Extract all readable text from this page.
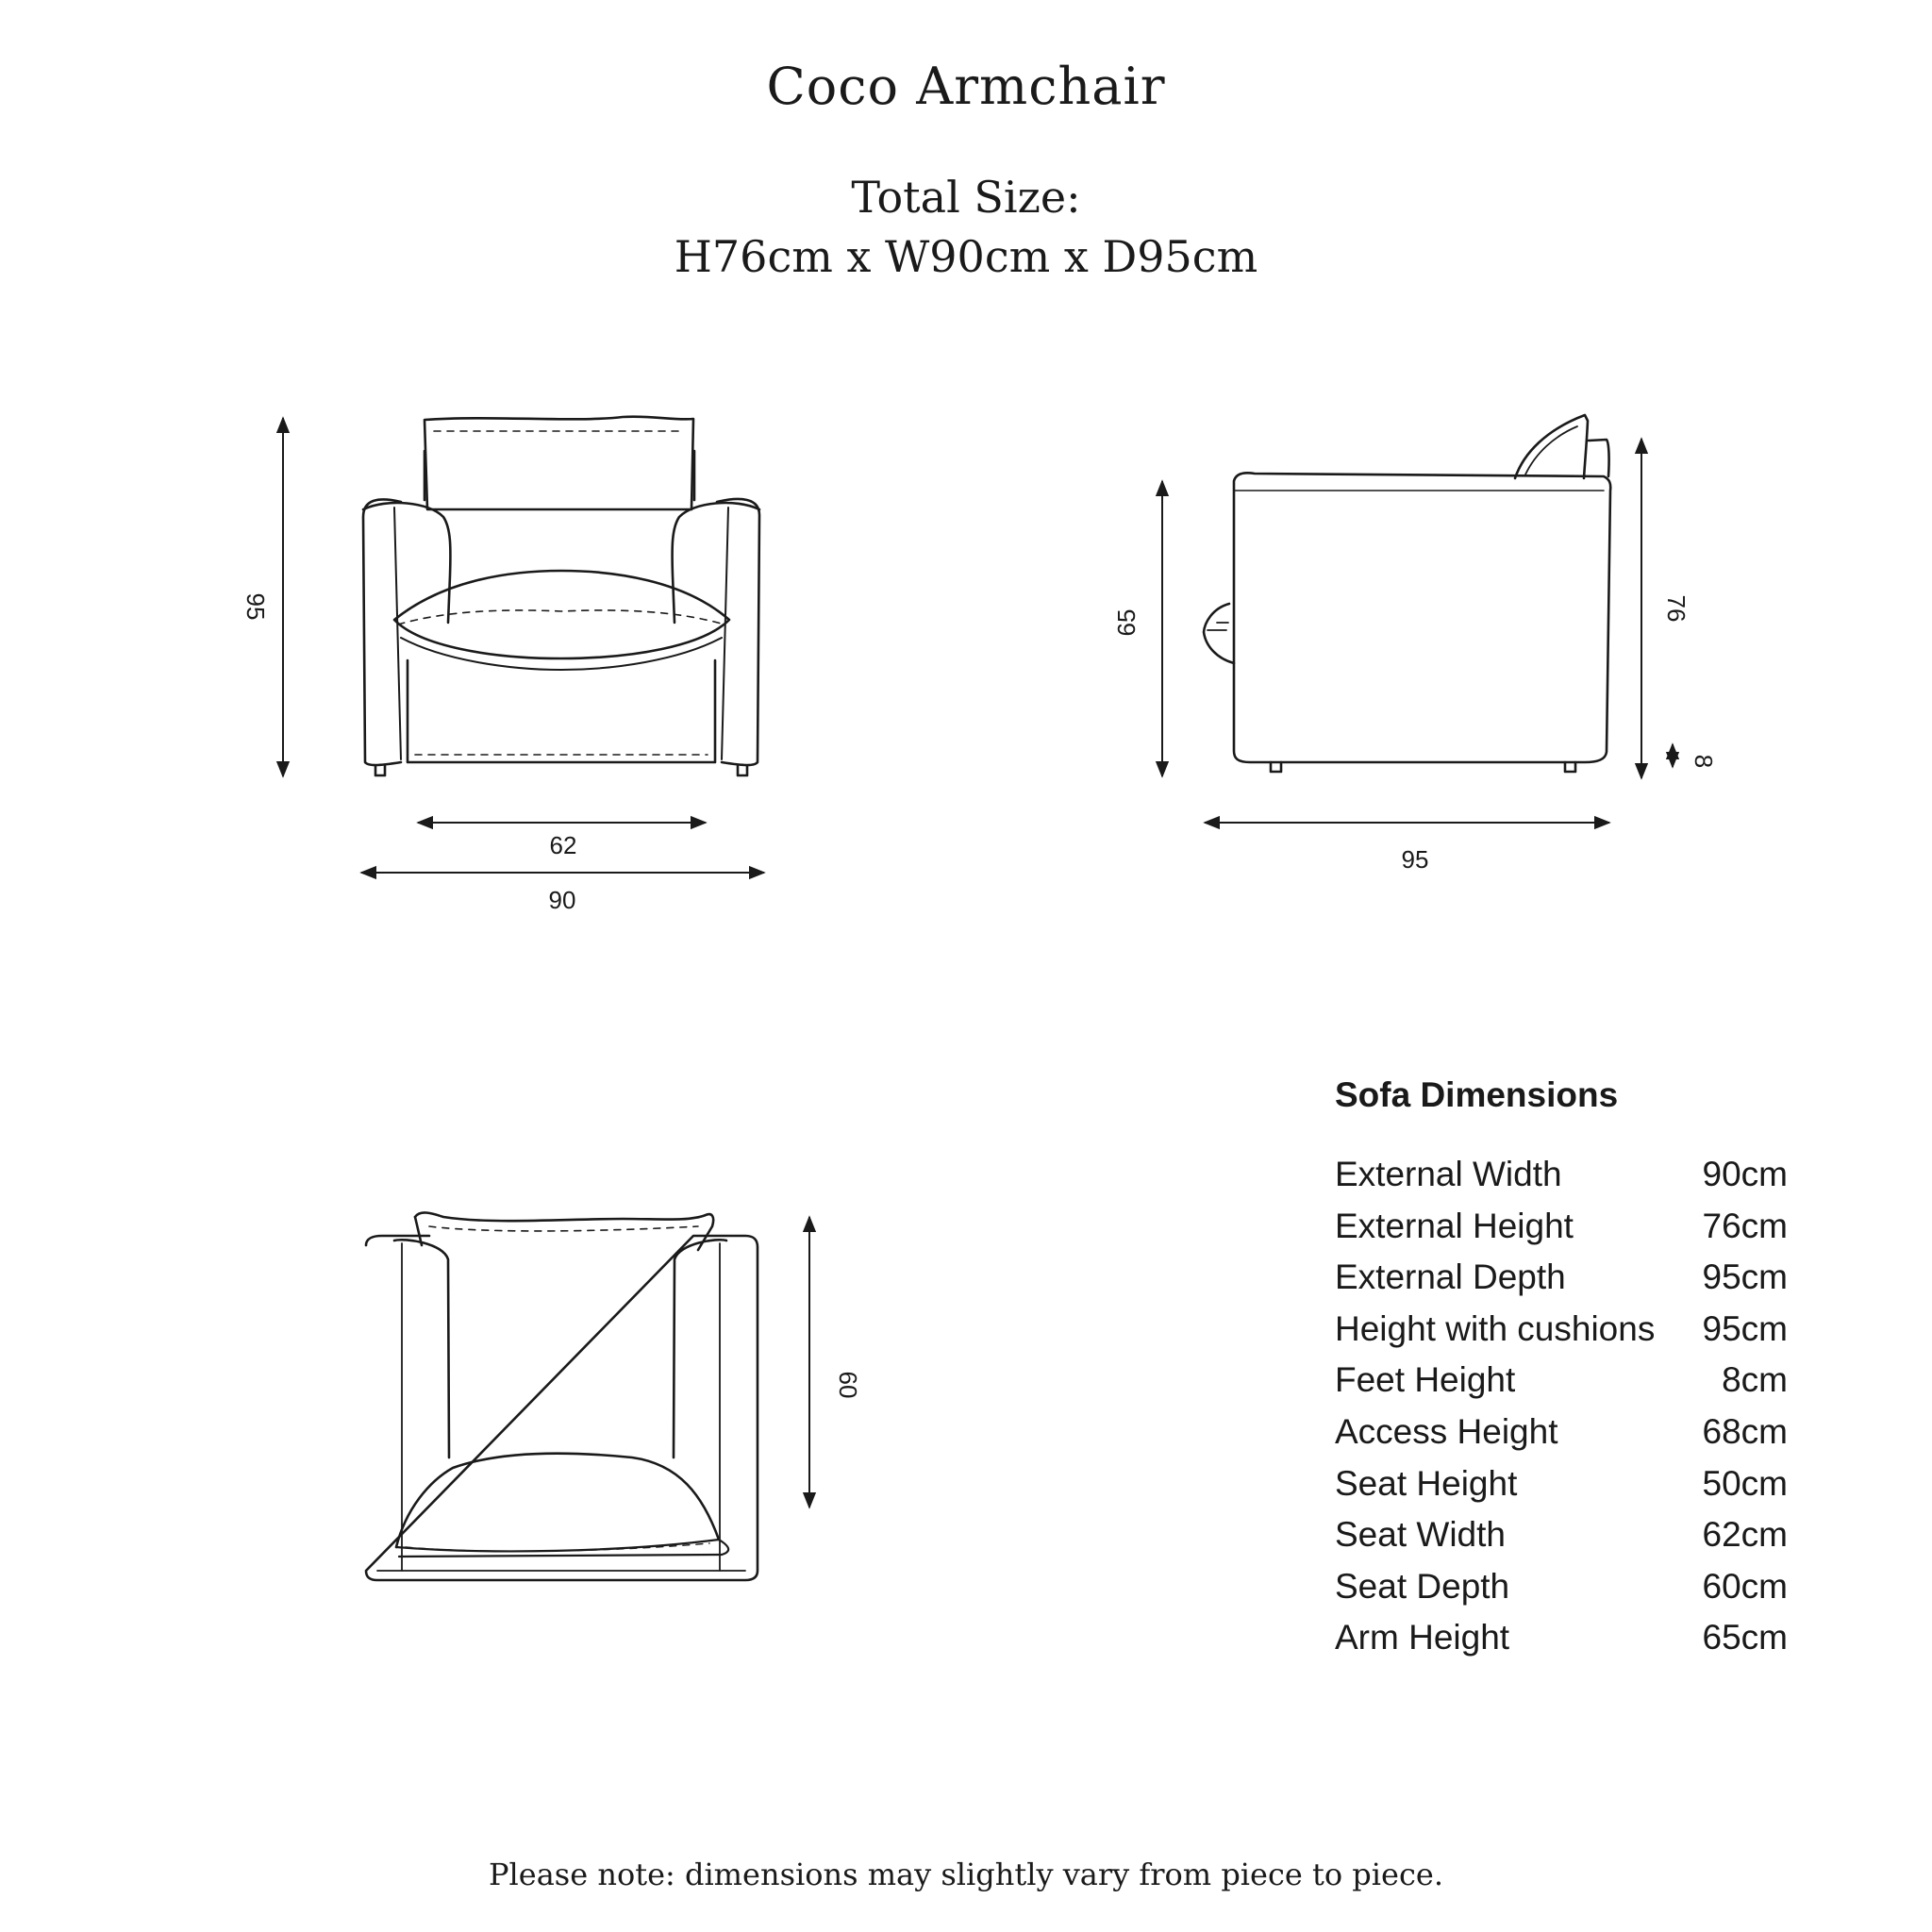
Coco Armchair
Total Size:
H76cm x W90cm x D95cm
95
62
90
65
76
8
95
60
Sofa Dimensions
External Width	90cm
External Height	76cm
External Depth	95cm
Height with cushions 95cm
Feet Height	8cm
Access Height	68cm
Seat Height	50cm
Seat Width	62cm
Seat Depth	60cm
Arm Height	65cm
Please note: dimensions may slightly vary from piece to piece.
